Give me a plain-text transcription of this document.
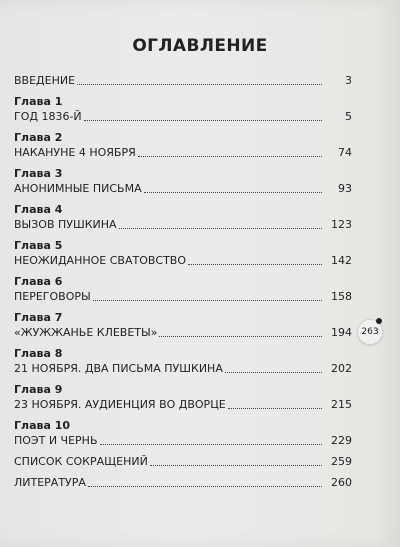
ОГЛАВЛЕНИЕ
ВВЕДЕНИЕ	3
Глава 1
ГОД 1836-Й	5
Глава 2
НАКАНУНЕ 4 НОЯБРЯ	74
Глава 3
АНОНИМНЫЕ ПИСЬМА	93
Глава 4
ВЫЗОВ ПУШКИНА	123
Глава 5
НЕОЖИДАННОЕ СВАТОВСТВО	142
Глава 6
ПЕРЕГОВОРЫ	158
Глава 7
«ЖУЖЖАНЬЕ КЛЕВЕТЫ»	194
Глава 8
21 НОЯБРЯ. ДВА ПИСЬМА ПУШКИНА	202
Глава 9
23 НОЯБРЯ. АУДИЕНЦИЯ ВО ДВОРЦЕ	215
Глава 10
ПОЭТ И ЧЕРНЬ	229
СПИСОК СОКРАЩЕНИЙ	259
ЛИТЕРАТУРА	260
263
